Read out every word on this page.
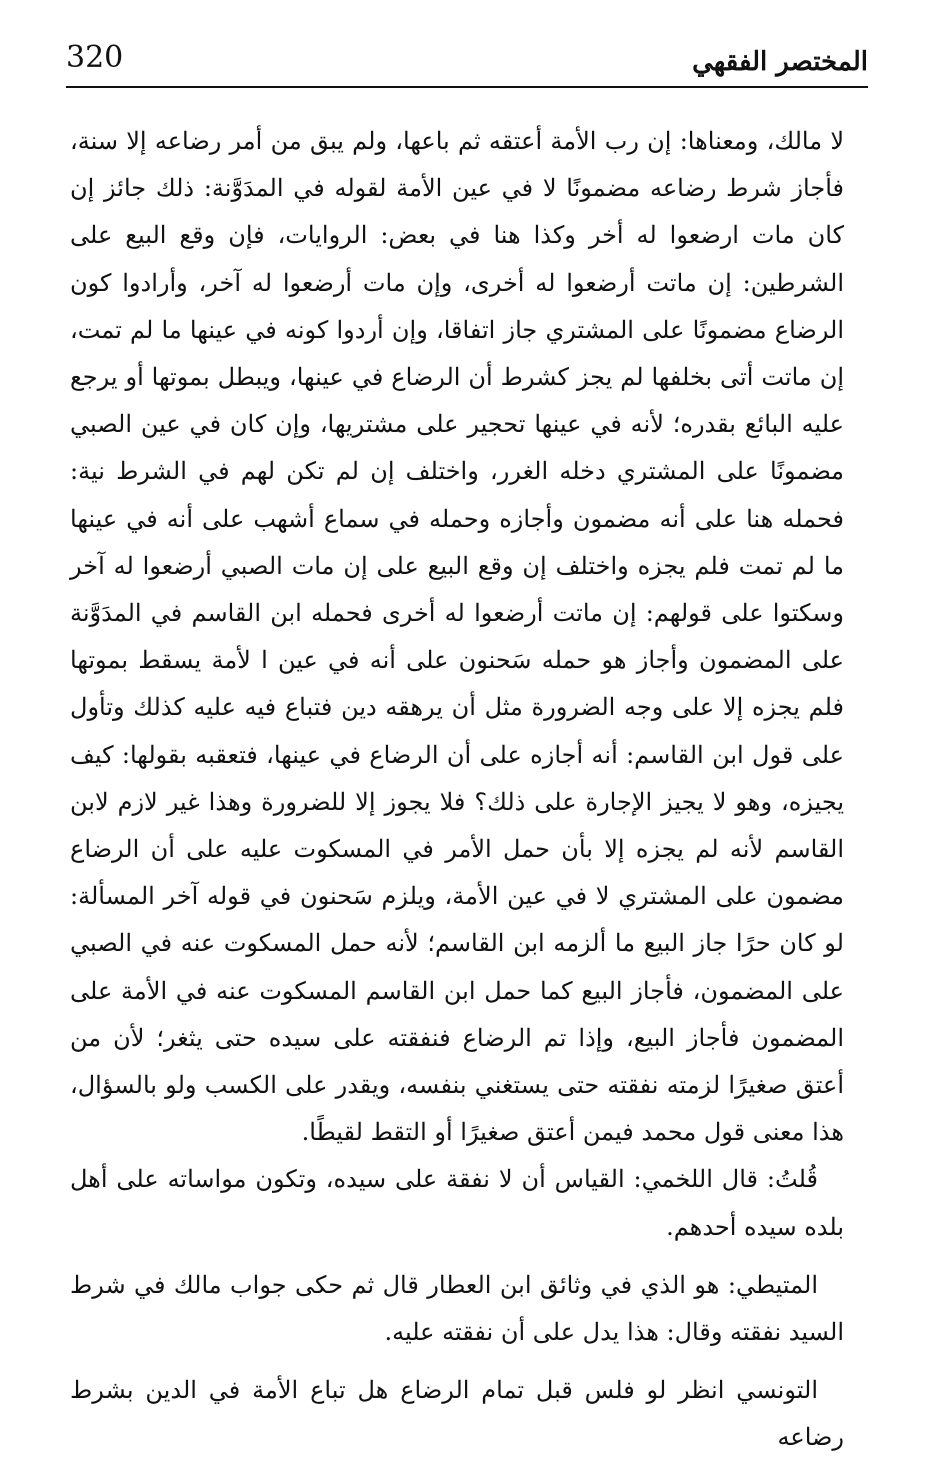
320	المختصر الفقهي

لا مالك، ومعناها: إن رب الأمة أعتقه ثم باعها، ولم يبق من أمر رضاعه إلا سنة، فأجاز شرط رضاعه مضمونًا لا في عين الأمة لقوله في المدَوَّنة: ذلك جائز إن كان مات ارضعوا له أخر وكذا هنا في بعض: الروايات، فإن وقع البيع على الشرطين: إن ماتت أرضعوا له أخرى، وإن مات أرضعوا له آخر، وأرادوا كون الرضاع مضمونًا على المشتري جاز اتفاقا، وإن أردوا كونه في عينها ما لم تمت، إن ماتت أتى بخلفها لم يجز كشرط أن الرضاع في عينها، ويبطل بموتها أو يرجع عليه البائع بقدره؛ لأنه في عينها تحجير على مشتريها، وإن كان في عين الصبي مضمونًا على المشتري دخله الغرر، واختلف إن لم تكن لهم في الشرط نية: فحمله هنا على أنه مضمون وأجازه وحمله في سماع أشهب على أنه في عينها ما لم تمت فلم يجزه واختلف إن وقع البيع على إن مات الصبي أرضعوا له آخر وسكتوا على قولهم: إن ماتت أرضعوا له أخرى فحمله ابن القاسم في المدَوَّنة على المضمون وأجاز هو حمله سَحنون على أنه في عين ا لأمة يسقط بموتها فلم يجزه إلا على وجه الضرورة مثل أن يرهقه دين فتباع فيه عليه كذلك وتأول على قول ابن القاسم: أنه أجازه على أن الرضاع في عينها، فتعقبه بقولها: كيف يجيزه، وهو لا يجيز الإجارة على ذلك؟ فلا يجوز إلا للضرورة وهذا غير لازم لابن القاسم لأنه لم يجزه إلا بأن حمل الأمر في المسكوت عليه على أن الرضاع مضمون على المشتري لا في عين الأمة، ويلزم سَحنون في قوله آخر المسألة: لو كان حرًا جاز البيع ما ألزمه ابن القاسم؛ لأنه حمل المسكوت عنه في الصبي على المضمون، فأجاز البيع كما حمل ابن القاسم المسكوت عنه في الأمة على المضمون فأجاز البيع، وإذا تم الرضاع فنفقته على سيده حتى يثغر؛ لأن من أعتق صغيرًا لزمته نفقته حتى يستغني بنفسه، ويقدر على الكسب ولو بالسؤال، هذا معنى قول محمد فيمن أعتق صغيرًا أو التقط لقيطًا.

قُلتُ: قال اللخمي: القياس أن لا نفقة على سيده، وتكون مواساته على أهل بلده سيده أحدهم.

المتيطي: هو الذي في وثائق ابن العطار قال ثم حكى جواب مالك في شرط السيد نفقته وقال: هذا يدل على أن نفقته عليه.

التونسي انظر لو فلس قبل تمام الرضاع هل تباع الأمة في الدين بشرط رضاعه
